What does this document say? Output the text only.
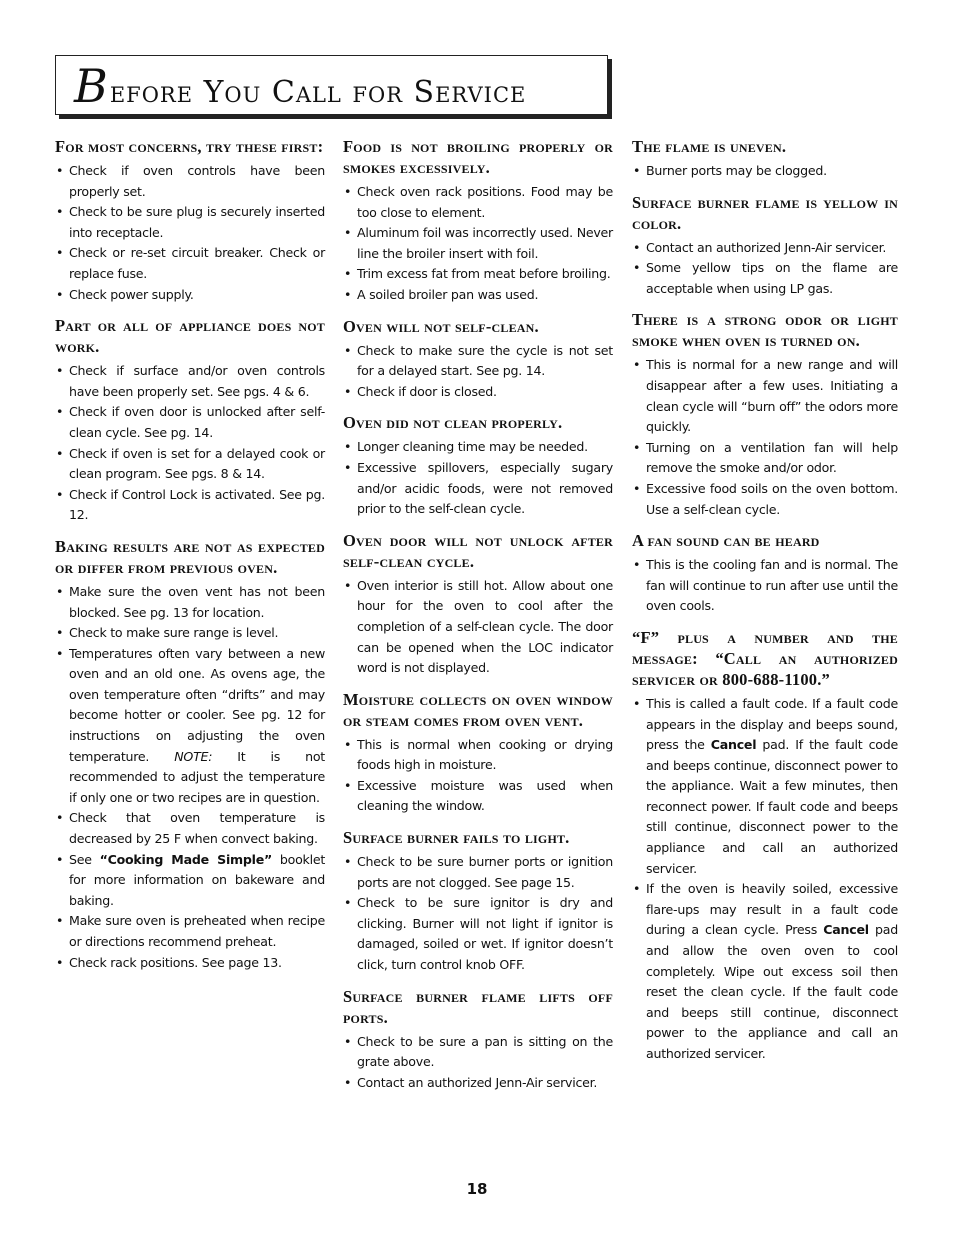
Before You Call for Service
For most concerns, try these first:
• Check if oven controls have been properly set.
• Check to be sure plug is securely inserted into receptacle.
• Check or re-set circuit breaker. Check or replace fuse.
• Check power supply.
Part or all of appliance does not work.
• Check if surface and/or oven controls have been properly set. See pgs. 4 & 6.
• Check if oven door is unlocked after self-clean cycle. See pg. 14.
• Check if oven is set for a delayed cook or clean program. See pgs. 8 & 14.
• Check if Control Lock is activated. See pg. 12.
Baking results are not as expected or differ from previous oven.
• Make sure the oven vent has not been blocked. See pg. 13 for location.
• Check to make sure range is level.
• Temperatures often vary between a new oven and an old one. As ovens age, the oven temperature often “drifts” and may become hotter or cooler. See pg. 12 for instructions on adjusting the oven temperature. NOTE: It is not recommended to adjust the temperature if only one or two recipes are in question.
• Check that oven temperature is decreased by 25 F when convect baking.
• See “Cooking Made Simple” booklet for more information on bakeware and baking.
• Make sure oven is preheated when recipe or directions recommend preheat.
• Check rack positions. See page 13.
Food is not broiling properly or smokes excessively.
• Check oven rack positions. Food may be too close to element.
• Aluminum foil was incorrectly used. Never line the broiler insert with foil.
• Trim excess fat from meat before broiling.
• A soiled broiler pan was used.
Oven will not self-clean.
• Check to make sure the cycle is not set for a delayed start. See pg. 14.
• Check if door is closed.
Oven did not clean properly.
• Longer cleaning time may be needed.
• Excessive spillovers, especially sugary and/or acidic foods, were not removed prior to the self-clean cycle.
Oven door will not unlock after self-clean cycle.
• Oven interior is still hot. Allow about one hour for the oven to cool after the completion of a self-clean cycle. The door can be opened when the LOC indicator word is not displayed.
Moisture collects on oven window or steam comes from oven vent.
• This is normal when cooking or drying foods high in moisture.
• Excessive moisture was used when cleaning the window.
Surface burner fails to light.
• Check to be sure burner ports or ignition ports are not clogged. See page 15.
• Check to be sure ignitor is dry and clicking. Burner will not light if ignitor is damaged, soiled or wet. If ignitor doesn’t click, turn control knob OFF.
Surface burner flame lifts off ports.
• Check to be sure a pan is sitting on the grate above.
• Contact an authorized Jenn-Air servicer.
The flame is uneven.
• Burner ports may be clogged.
Surface burner flame is yellow in color.
• Contact an authorized Jenn-Air servicer.
• Some yellow tips on the flame are acceptable when using LP gas.
There is a strong odor or light smoke when oven is turned on.
• This is normal for a new range and will disappear after a few uses. Initiating a clean cycle will “burn off” the odors more quickly.
• Turning on a ventilation fan will help remove the smoke and/or odor.
• Excessive food soils on the oven bottom. Use a self-clean cycle.
A fan sound can be heard
• This is the cooling fan and is normal. The fan will continue to run after use until the oven cools.
“F” plus a number and the message: “Call an authorized servicer or 800-688-1100.”
• This is called a fault code. If a fault code appears in the display and beeps sound, press the Cancel pad. If the fault code and beeps continue, disconnect power to the appliance. Wait a few minutes, then reconnect power. If fault code and beeps still continue, disconnect power to the appliance and call an authorized servicer.
• If the oven is heavily soiled, excessive flare-ups may result in a fault code during a clean cycle. Press Cancel pad and allow the oven oven to cool completely. Wipe out excess soil then reset the clean cycle. If the fault code and beeps still continue, disconnect power to the appliance and call an authorized servicer.
18
